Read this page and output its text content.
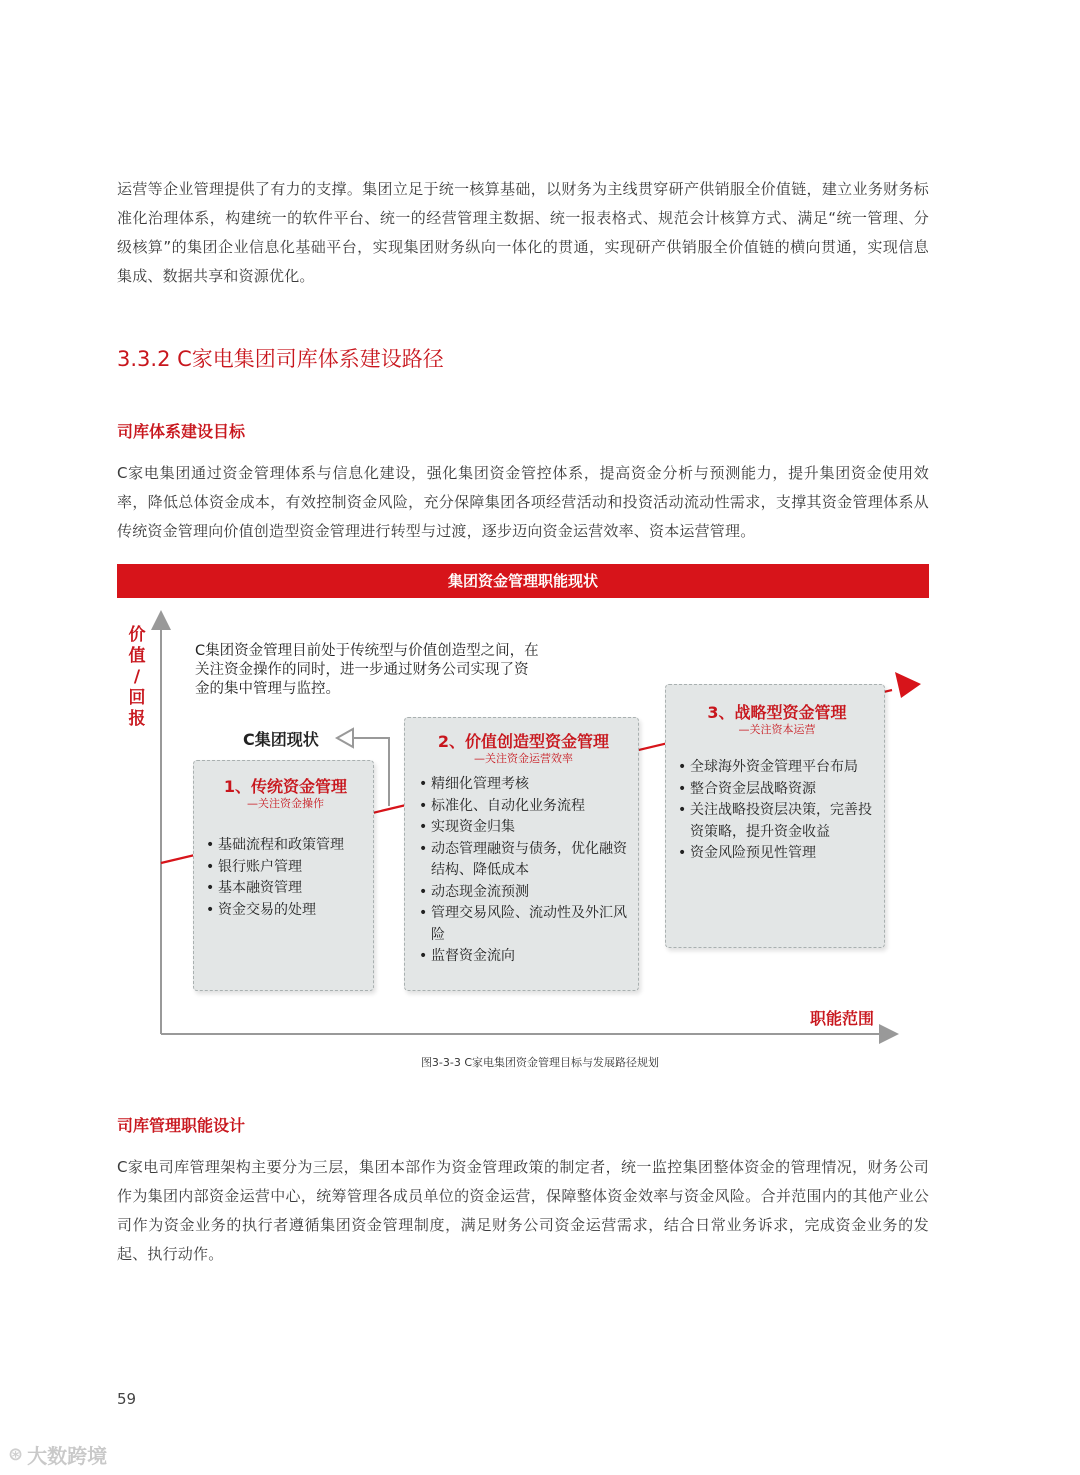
运营等企业管理提供了有力的支撑。集团立足于统一核算基础，以财务为主线贯穿研产供销服全价值链，建立业务财务标准化治理体系，构建统一的软件平台、统一的经营管理主数据、统一报表格式、规范会计核算方式、满足“统一管理、分级核算”的集团企业信息化基础平台，实现集团财务纵向一体化的贯通，实现研产供销服全价值链的横向贯通，实现信息集成、数据共享和资源优化。

3.3.2 C家电集团司库体系建设路径
司库体系建设目标

C家电集团通过资金管理体系与信息化建设，强化集团资金管控体系，提高资金分析与预测能力，提升集团资金使用效率，降低总体资金成本，有效控制资金风险，充分保障集团各项经营活动和投资活动流动性需求，支撑其资金管理体系从传统资金管理向价值创造型资金管理进行转型与过渡，逐步迈向资金运营效率、资本运营管理。

集团资金管理职能现状
价
值
/
回
报
职能范围
C集团资金管理目前处于传统型与价值创造型之间，在关注资金操作的同时，进一步通过财务公司实现了资金的集中管理与监控。
C集团现状

1、传统资金管理

—关注资金操作

• 基础流程和政策管理
• 银行账户管理
• 基本融资管理
• 资金交易的处理

2、价值创造型资金管理

—关注资金运营效率

• 精细化管理考核
• 标准化、自动化业务流程
• 实现资金归集
• 动态管理融资与债务，优化融资结构、降低成本
• 动态现金流预测
• 管理交易风险、流动性及外汇风险
• 监督资金流向

3、战略型资金管理

—关注资本运营

• 全球海外资金管理平台布局
• 整合资金层战略资源
• 关注战略投资层决策，完善投资策略，提升资金收益
• 资金风险预见性管理
图3-3-3 C家电集团资金管理目标与发展路径规划
司库管理职能设计

C家电司库管理架构主要分为三层，集团本部作为资金管理政策的制定者，统一监控集团整体资金的管理情况，财务公司作为集团内部资金运营中心，统筹管理各成员单位的资金运营，保障整体资金效率与资金风险。合并范围内的其他产业公司作为资金业务的执行者遵循集团资金管理制度，满足财务公司资金运营需求，结合日常业务诉求，完成资金业务的发起、执行动作。

59
⊛ 大数跨境
